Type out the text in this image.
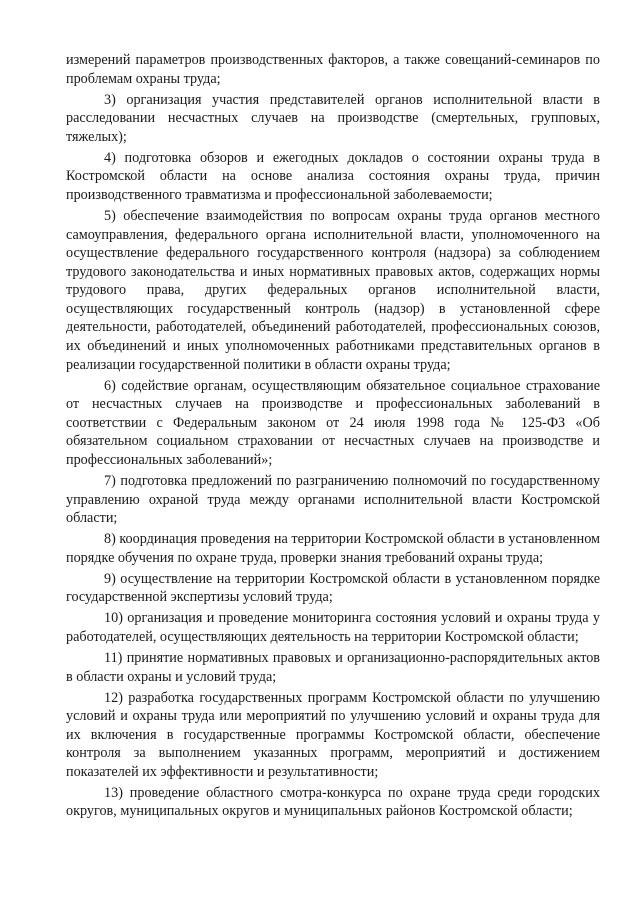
измерений параметров производственных факторов, а также совещаний-семинаров по проблемам охраны труда;

3) организация участия представителей органов исполнительной власти в расследовании несчастных случаев на производстве (смертельных, групповых, тяжелых);

4) подготовка обзоров и ежегодных докладов о состоянии охраны труда в Костромской области на основе анализа состояния охраны труда, причин производственного травматизма и профессиональной заболеваемости;

5) обеспечение взаимодействия по вопросам охраны труда органов местного самоуправления, федерального органа исполнительной власти, уполномоченного на осуществление федерального государственного контроля (надзора) за соблюдением трудового законодательства и иных нормативных правовых актов, содержащих нормы трудового права, других федеральных органов исполнительной власти, осуществляющих государственный контроль (надзор) в установленной сфере деятельности, работодателей, объединений работодателей, профессиональных союзов, их объединений и иных уполномоченных работниками представительных органов в реализации государственной политики в области охраны труда;

6) содействие органам, осуществляющим обязательное социальное страхование от несчастных случаев на производстве и профессиональных заболеваний в соответствии с Федеральным законом от 24 июля 1998 года № 125-ФЗ «Об обязательном социальном страховании от несчастных случаев на производстве и профессиональных заболеваний»;

7) подготовка предложений по разграничению полномочий по государственному управлению охраной труда между органами исполнительной власти Костромской области;

8) координация проведения на территории Костромской области в установленном порядке обучения по охране труда, проверки знания требований охраны труда;

9) осуществление на территории Костромской области в установленном порядке государственной экспертизы условий труда;

10) организация и проведение мониторинга состояния условий и охраны труда у работодателей, осуществляющих деятельность на территории Костромской области;

11) принятие нормативных правовых и организационно-распорядительных актов в области охраны и условий труда;

12) разработка государственных программ Костромской области по улучшению условий и охраны труда или мероприятий по улучшению условий и охраны труда для их включения в государственные программы Костромской области, обеспечение контроля за выполнением указанных программ, мероприятий и достижением показателей их эффективности и результативности;

13) проведение областного смотра-конкурса по охране труда среди городских округов, муниципальных округов и муниципальных районов Костромской области;
